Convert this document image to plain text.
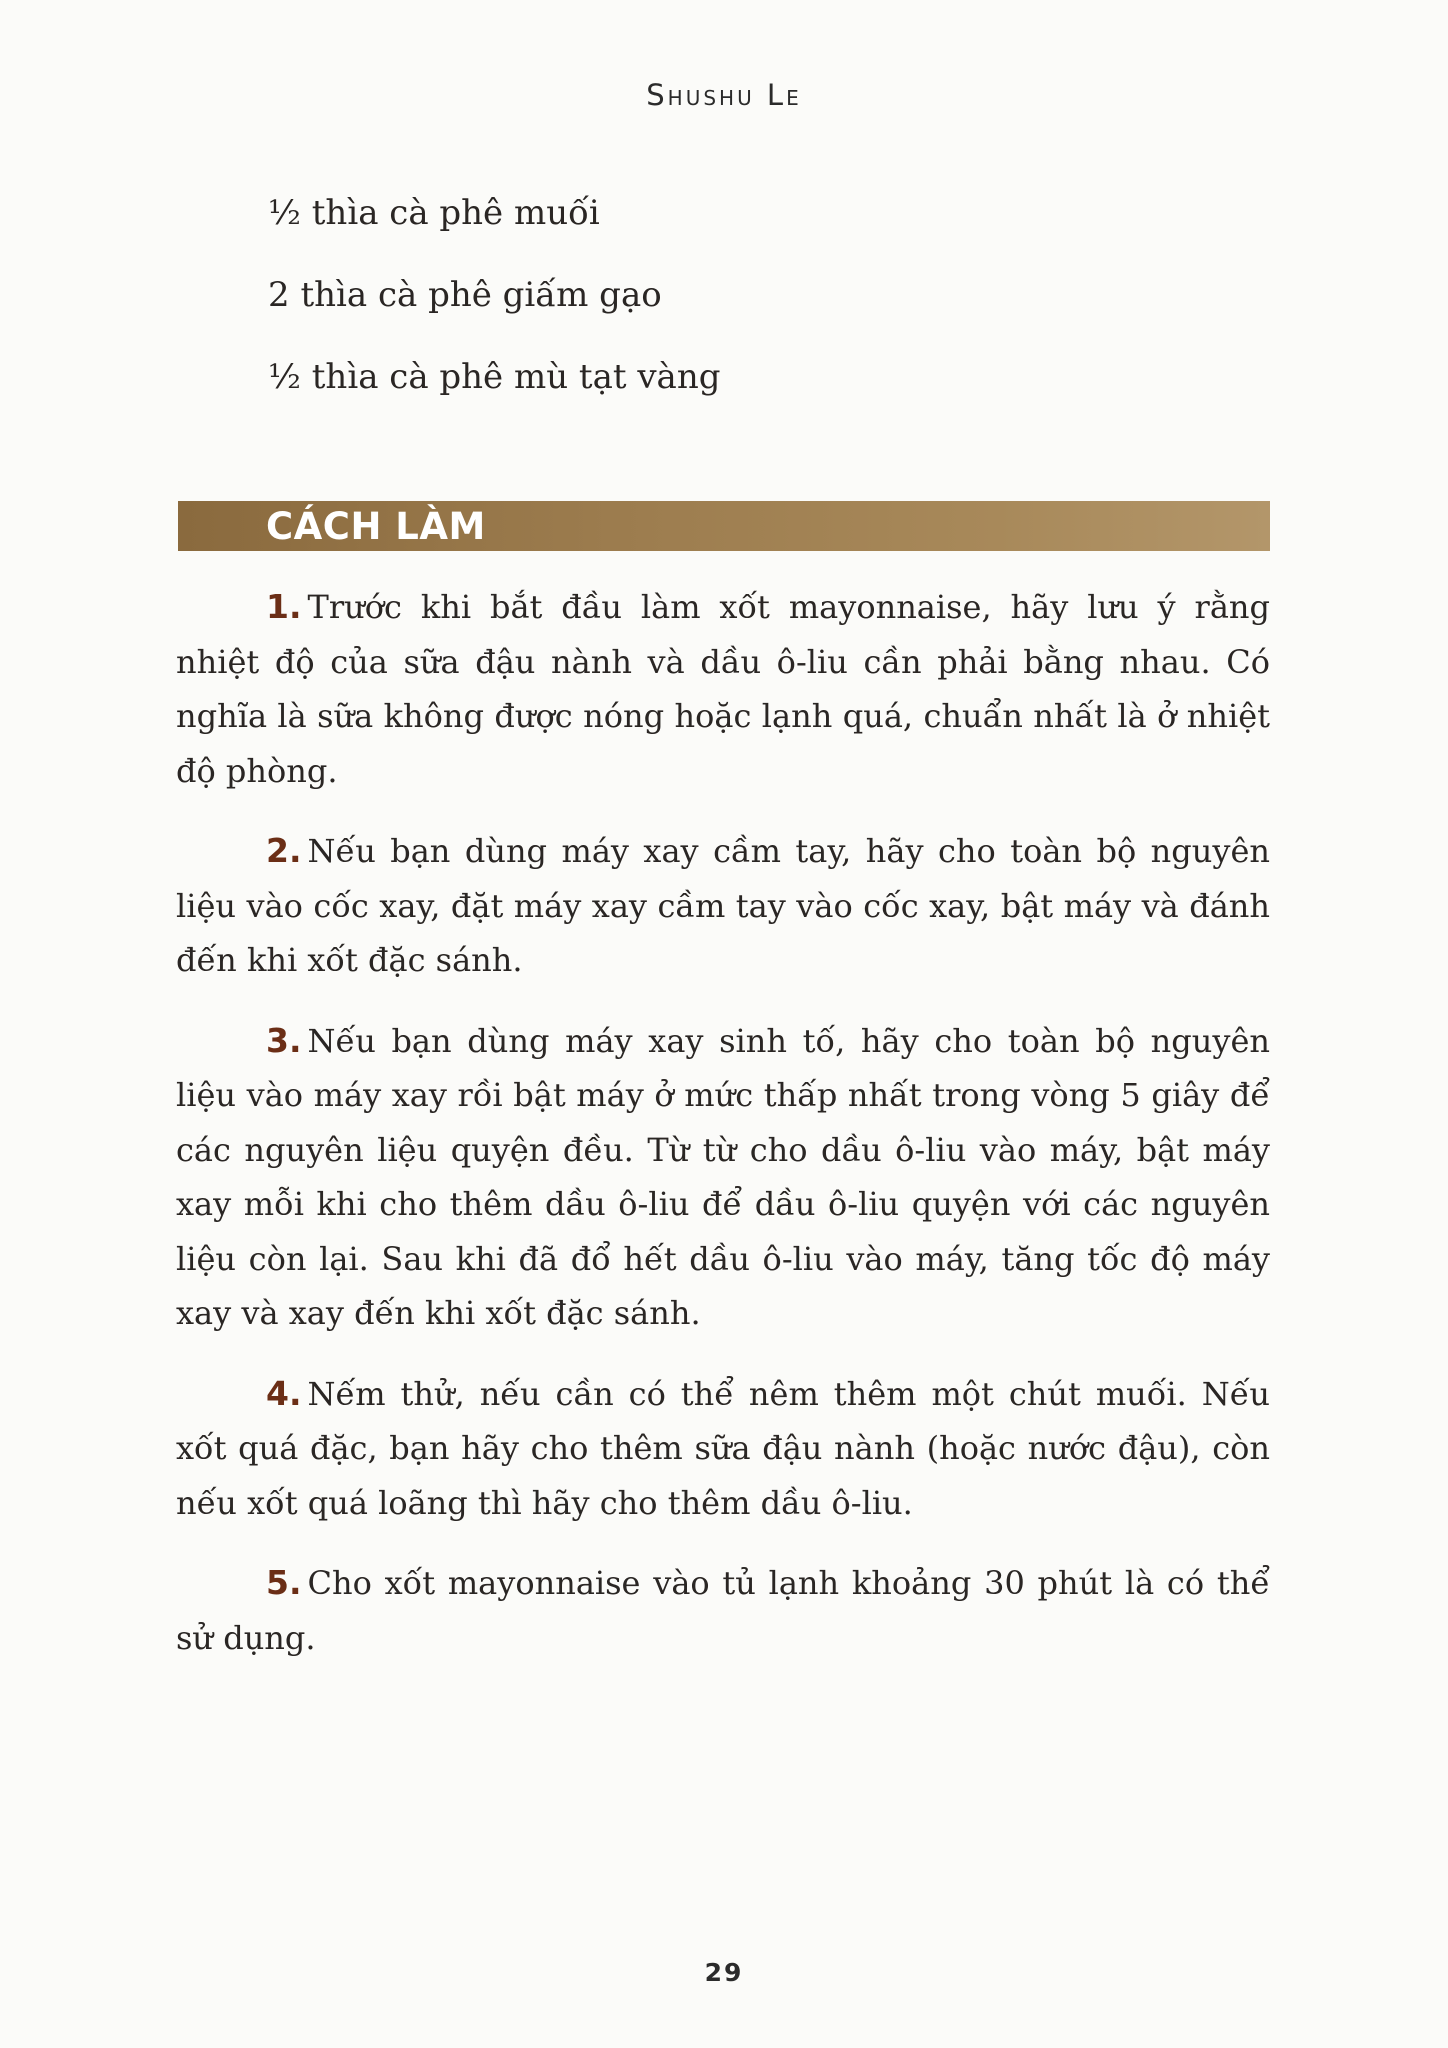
Shushu Le
½ thìa cà phê muối
2 thìa cà phê giấm gạo
½ thìa cà phê mù tạt vàng
CÁCH LÀM

1. Trước khi bắt đầu làm xốt mayonnaise, hãy lưu ý rằng nhiệt độ của sữa đậu nành và dầu ô-liu cần phải bằng nhau. Có nghĩa là sữa không được nóng hoặc lạnh quá, chuẩn nhất là ở nhiệt độ phòng.

2. Nếu bạn dùng máy xay cầm tay, hãy cho toàn bộ nguyên liệu vào cốc xay, đặt máy xay cầm tay vào cốc xay, bật máy và đánh đến khi xốt đặc sánh.

3. Nếu bạn dùng máy xay sinh tố, hãy cho toàn bộ nguyên liệu vào máy xay rồi bật máy ở mức thấp nhất trong vòng 5 giây để các nguyên liệu quyện đều. Từ từ cho dầu ô-liu vào máy, bật máy xay mỗi khi cho thêm dầu ô-liu để dầu ô-liu quyện với các nguyên liệu còn lại. Sau khi đã đổ hết dầu ô-liu vào máy, tăng tốc độ máy xay và xay đến khi xốt đặc sánh.

4. Nếm thử, nếu cần có thể nêm thêm một chút muối. Nếu xốt quá đặc, bạn hãy cho thêm sữa đậu nành (hoặc nước đậu), còn nếu xốt quá loãng thì hãy cho thêm dầu ô-liu.

5. Cho xốt mayonnaise vào tủ lạnh khoảng 30 phút là có thể sử dụng.

29
